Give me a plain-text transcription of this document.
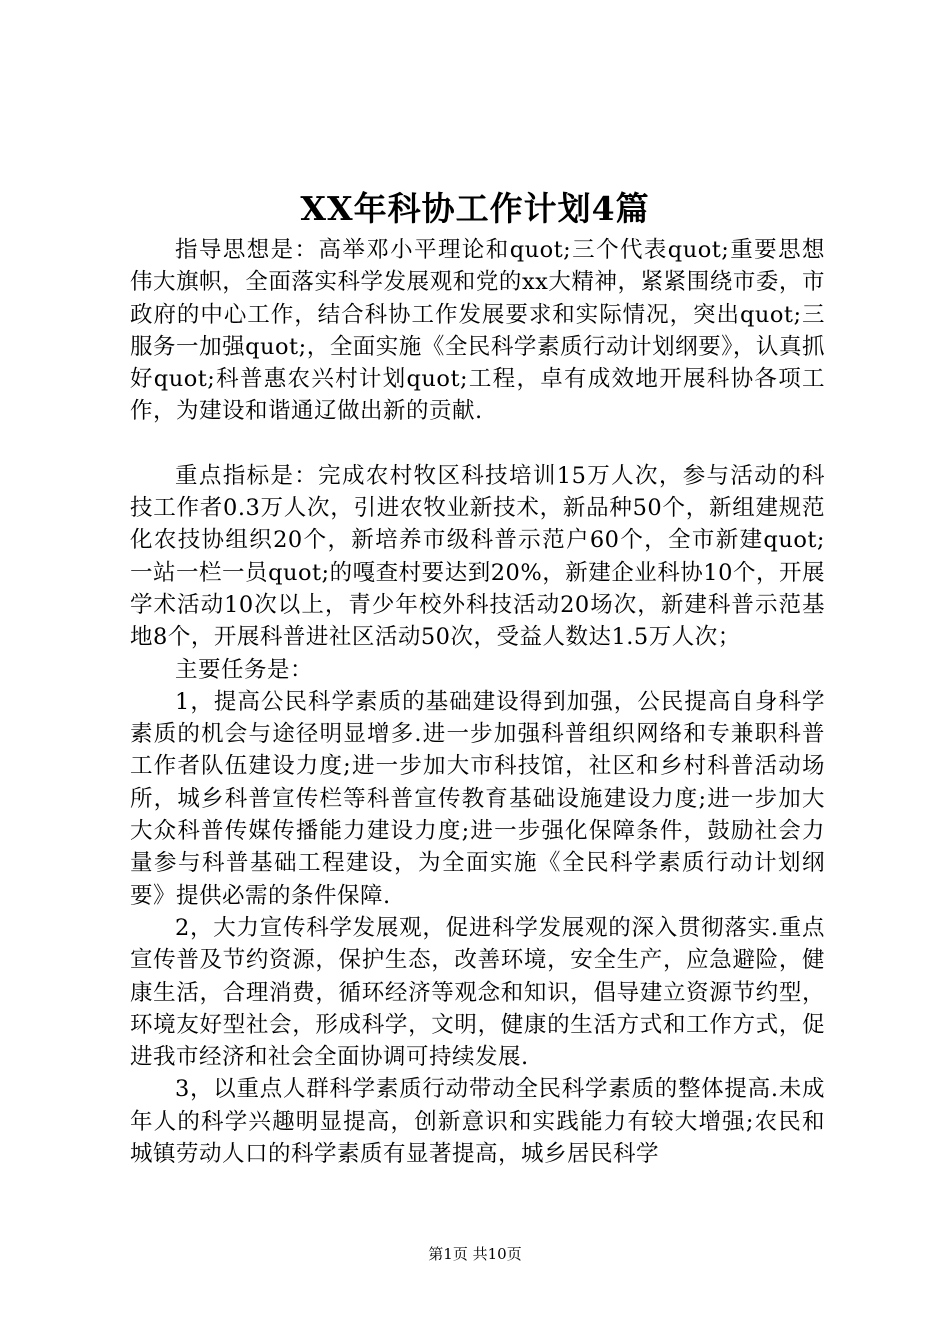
XX年科协工作计划4篇

指导思想是：高举邓小平理论和quot;三个代表quot;重要思想伟大旗帜，全面落实科学发展观和党的xx大精神，紧紧围绕市委，市政府的中心工作，结合科协工作发展要求和实际情况，突出quot;三服务一加强quot;，全面实施《全民科学素质行动计划纲要》，认真抓好quot;科普惠农兴村计划quot;工程，卓有成效地开展科协各项工作，为建设和谐通辽做出新的贡献.

重点指标是：完成农村牧区科技培训15万人次，参与活动的科技工作者0.3万人次，引进农牧业新技术，新品种50个，新组建规范化农技协组织20个，新培养市级科普示范户60个，全市新建quot;一站一栏一员quot;的嘎查村要达到20%，新建企业科协10个，开展学术活动10次以上，青少年校外科技活动20场次，新建科普示范基地8个，开展科普进社区活动50次，受益人数达1.5万人次；

主要任务是：

1，提高公民科学素质的基础建设得到加强，公民提高自身科学素质的机会与途径明显增多.进一步加强科普组织网络和专兼职科普工作者队伍建设力度;进一步加大市科技馆，社区和乡村科普活动场所，城乡科普宣传栏等科普宣传教育基础设施建设力度;进一步加大大众科普传媒传播能力建设力度;进一步强化保障条件，鼓励社会力量参与科普基础工程建设，为全面实施《全民科学素质行动计划纲要》提供必需的条件保障.

2，大力宣传科学发展观，促进科学发展观的深入贯彻落实.重点宣传普及节约资源，保护生态，改善环境，安全生产，应急避险，健康生活，合理消费，循环经济等观念和知识，倡导建立资源节约型，环境友好型社会，形成科学，文明，健康的生活方式和工作方式，促进我市经济和社会全面协调可持续发展.

3，以重点人群科学素质行动带动全民科学素质的整体提高.未成年人的科学兴趣明显提高，创新意识和实践能力有较大增强;农民和城镇劳动人口的科学素质有显著提高，城乡居民科学

第1页 共10页
